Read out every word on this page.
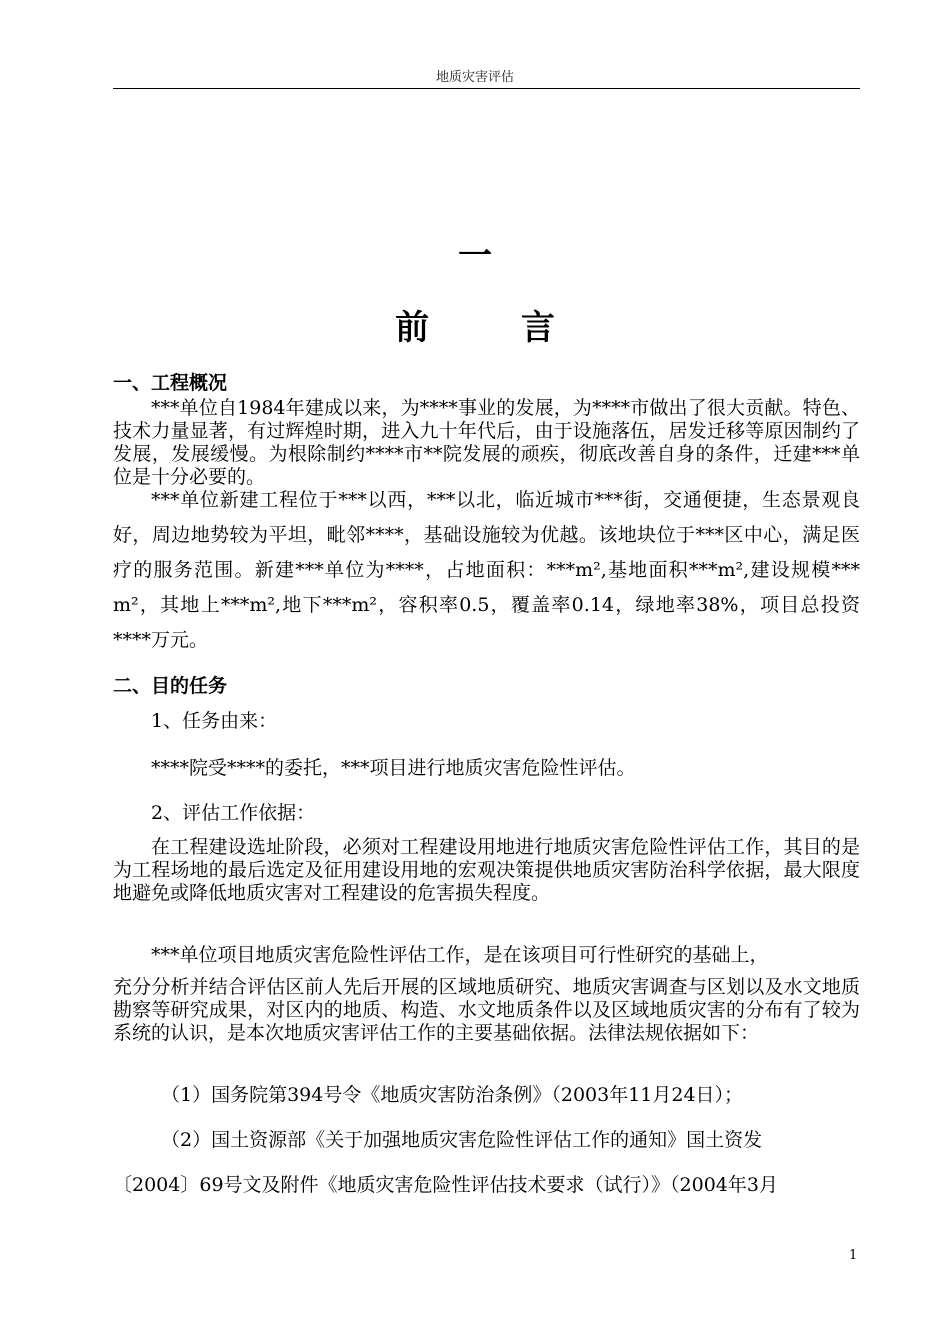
地质灾害评估
一
前 言
一、工程概况
***单位自1984年建成以来，为****事业的发展，为****市做出了很大贡献。特色、技术力量显著，有过辉煌时期，进入九十年代后，由于设施落伍，居发迁移等原因制约了发展，发展缓慢。为根除制约****市**院发展的顽疾，彻底改善自身的条件，迁建***单位是十分必要的。
***单位新建工程位于***以西，***以北，临近城市***街，交通便捷，生态景观良好，周边地势较为平坦，毗邻****，基础设施较为优越。该地块位于***区中心，满足医疗的服务范围。新建***单位为****，占地面积：***m²,基地面积***m²,建设规模*** m²，其地上***m²,地下***m²，容积率0.5，覆盖率0.14，绿地率38%，项目总投资****万元。
二、目的任务
1、任务由来：
****院受****的委托，***项目进行地质灾害危险性评估。
2、评估工作依据：
在工程建设选址阶段，必须对工程建设用地进行地质灾害危险性评估工作，其目的是为工程场地的最后选定及征用建设用地的宏观决策提供地质灾害防治科学依据，最大限度地避免或降低地质灾害对工程建设的危害损失程度。
***单位项目地质灾害危险性评估工作，是在该项目可行性研究的基础上，
充分分析并结合评估区前人先后开展的区域地质研究、地质灾害调查与区划以及水文地质勘察等研究成果，对区内的地质、构造、水文地质条件以及区域地质灾害的分布有了较为系统的认识，是本次地质灾害评估工作的主要基础依据。法律法规依据如下：
（1）国务院第394号令《地质灾害防治条例》（2003年11月24日）；
（2）国土资源部《关于加强地质灾害危险性评估工作的通知》国土资发
〔2004〕69号文及附件《地质灾害危险性评估技术要求（试行）》（2004年3月
1
